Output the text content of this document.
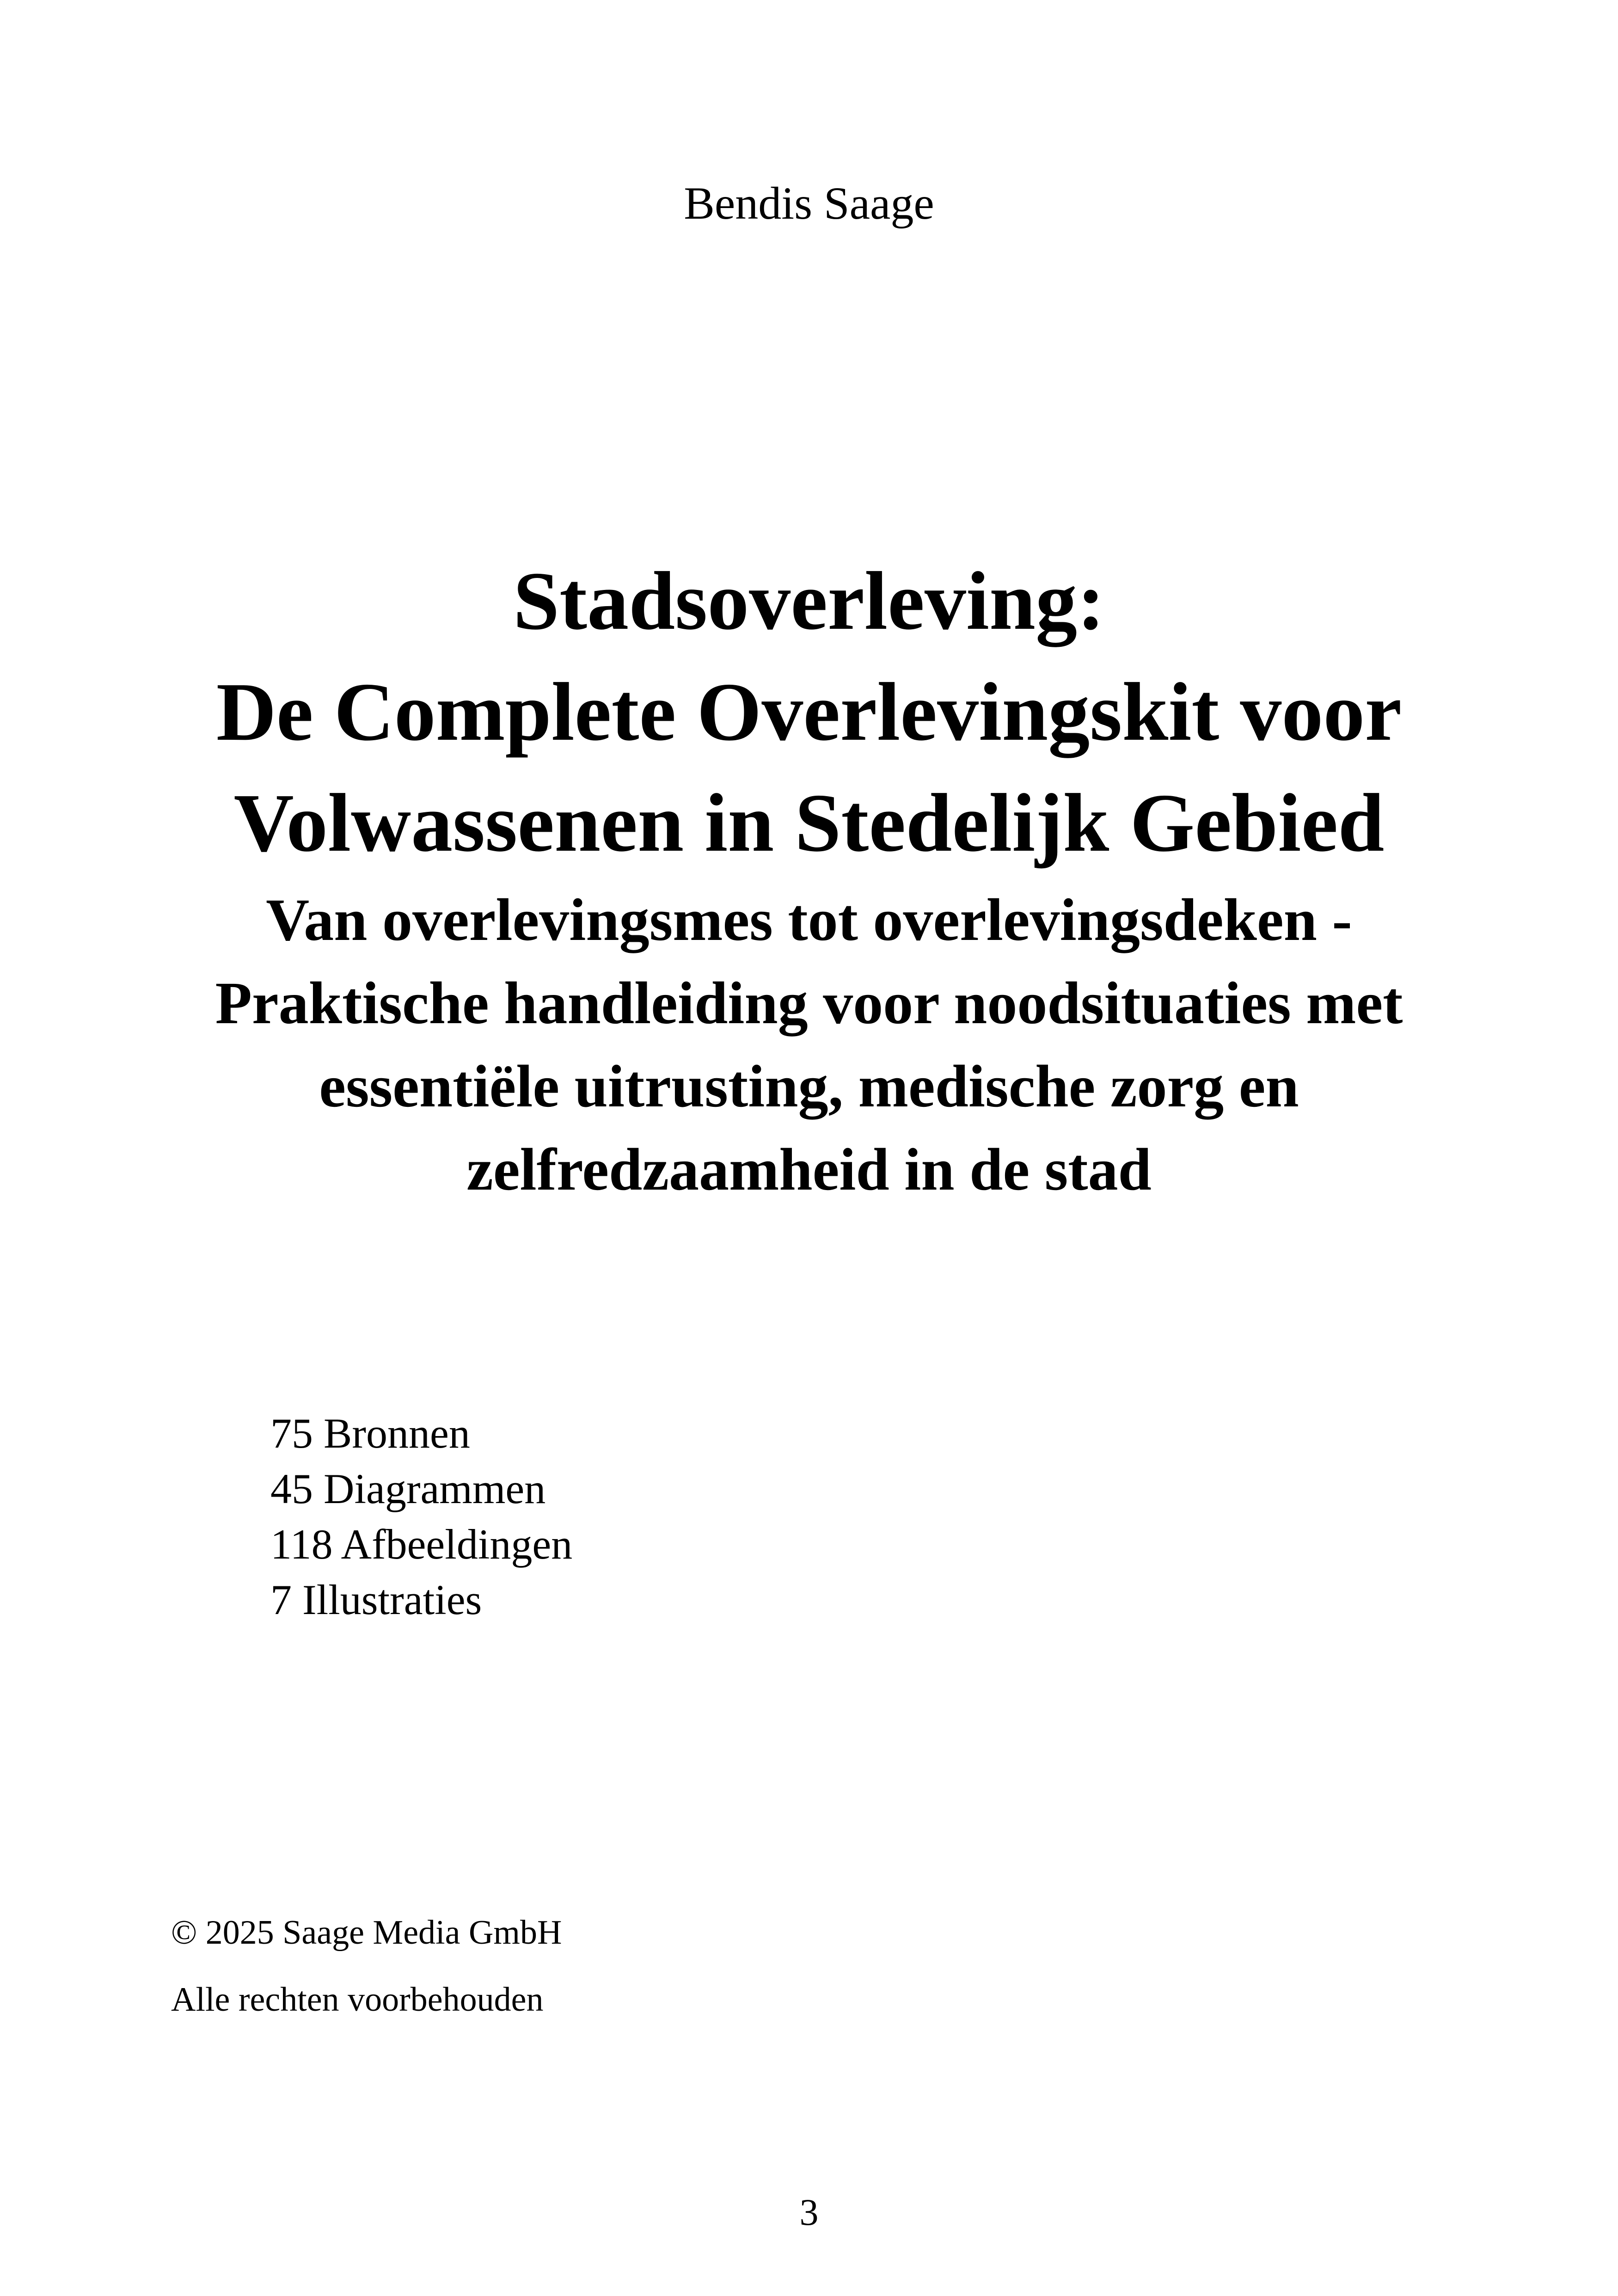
Bendis Saage
Stadsoverleving:
De Complete Overlevingskit voor
Volwassenen in Stedelijk Gebied
Van overlevingsmes tot overlevingsdeken -
Praktische handleiding voor noodsituaties met
essentiële uitrusting, medische zorg en
zelfredzaamheid in de stad
75 Bronnen
45 Diagrammen
118 Afbeeldingen
7 Illustraties
© 2025 Saage Media GmbH
Alle rechten voorbehouden
3
